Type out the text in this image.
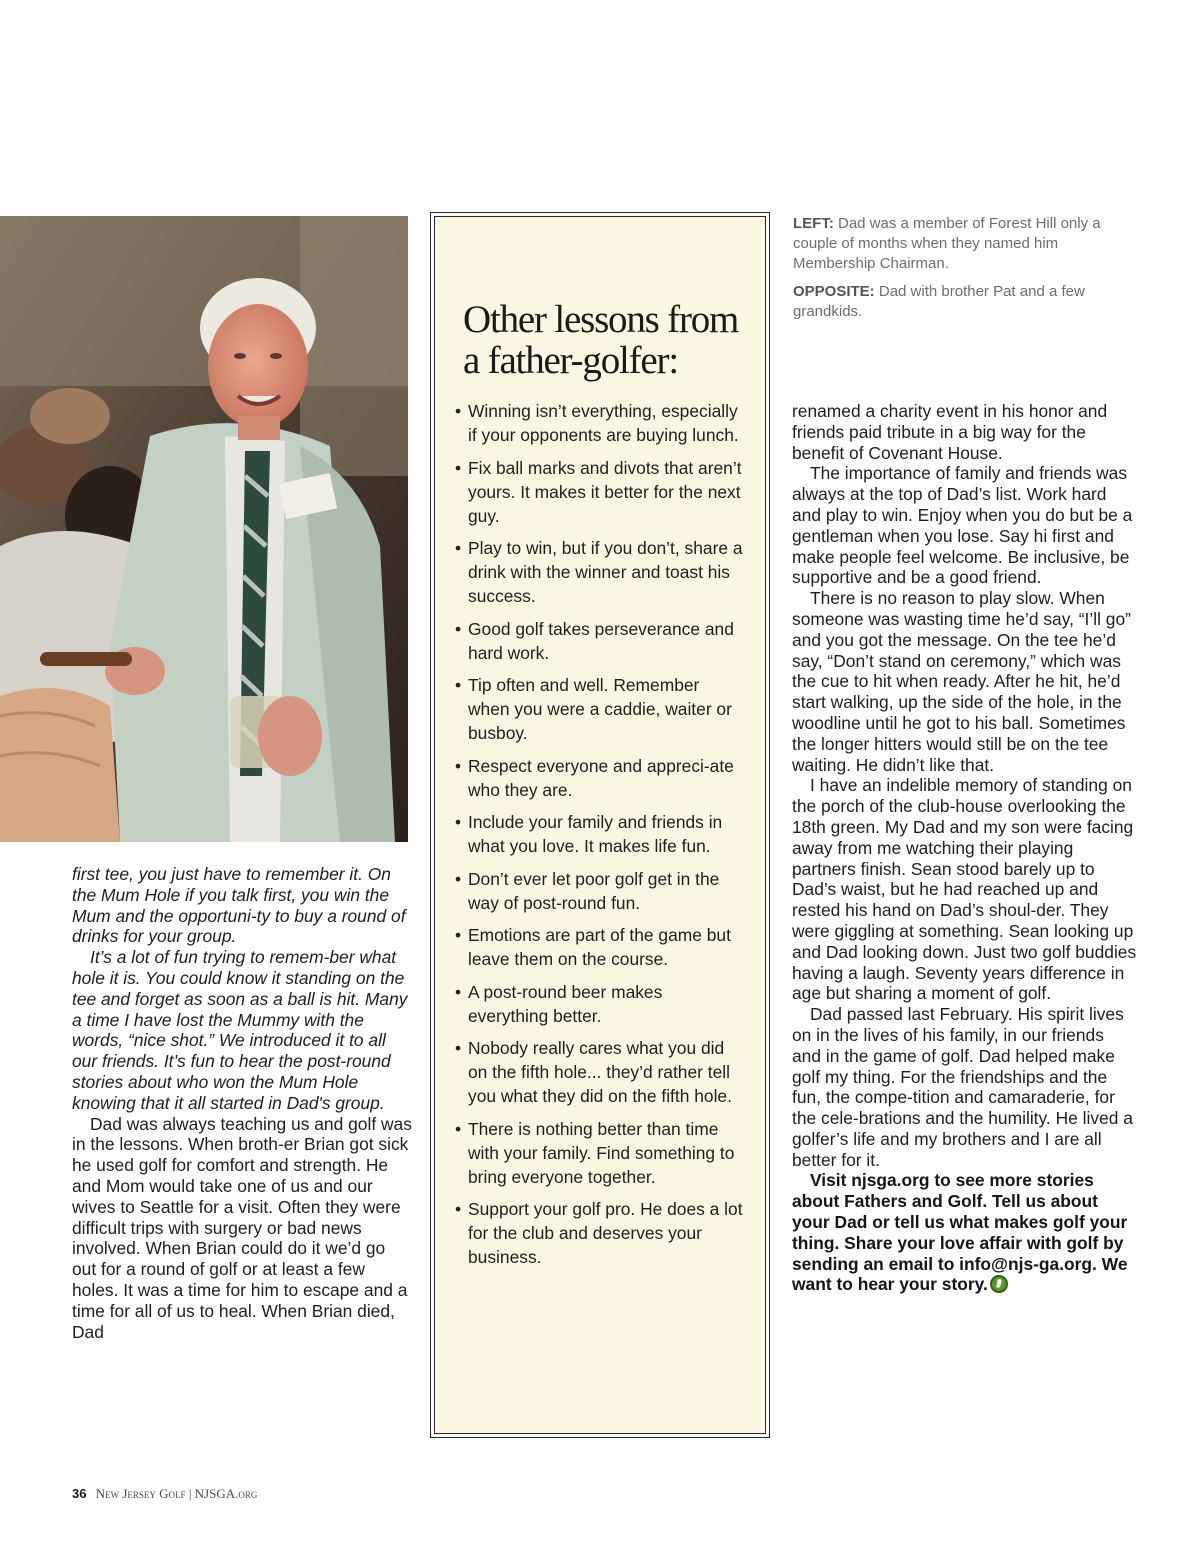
first tee, you just have to remember it. On the Mum Hole if you talk first, you win the Mum and the opportuni-ty to buy a round of drinks for your group.

It’s a lot of fun trying to remem-ber what hole it is. You could know it standing on the tee and forget as soon as a ball is hit. Many a time I have lost the Mummy with the words, “nice shot.” We introduced it to all our friends. It’s fun to hear the post-round stories about who won the Mum Hole knowing that it all started in Dad's group.

Dad was always teaching us and golf was in the lessons. When broth-er Brian got sick he used golf for comfort and strength. He and Mom would take one of us and our wives to Seattle for a visit. Often they were difficult trips with surgery or bad news involved. When Brian could do it we’d go out for a round of golf or at least a few holes. It was a time for him to escape and a time for all of us to heal. When Brian died, Dad

Other lessons from
a father-golfer:
• Winning isn’t everything, especially if your opponents are buying lunch.
• Fix ball marks and divots that aren’t yours. It makes it better for the next guy.
• Play to win, but if you don’t, share a drink with the winner and toast his success.
• Good golf takes perseverance and hard work.
• Tip often and well. Remember when you were a caddie, waiter or busboy.
• Respect everyone and appreci-ate who they are.
• Include your family and friends in what you love. It makes life fun.
• Don’t ever let poor golf get in the way of post-round fun.
• Emotions are part of the game but leave them on the course.
• A post-round beer makes everything better.
• Nobody really cares what you did on the fifth hole... they’d rather tell you what they did on the fifth hole.
• There is nothing better than time with your family. Find something to bring everyone together.
• Support your golf pro. He does a lot for the club and deserves your business.

LEFT: Dad was a member of Forest Hill only a couple of months when they named him Membership Chairman.

OPPOSITE: Dad with brother Pat and a few grandkids.

renamed a charity event in his honor and friends paid tribute in a big way for the benefit of Covenant House.

The importance of family and friends was always at the top of Dad’s list. Work hard and play to win. Enjoy when you do but be a gentleman when you lose. Say hi first and make people feel welcome. Be inclusive, be supportive and be a good friend.

There is no reason to play slow. When someone was wasting time he’d say, “I’ll go” and you got the message. On the tee he’d say, “Don’t stand on ceremony,” which was the cue to hit when ready. After he hit, he’d start walking, up the side of the hole, in the woodline until he got to his ball. Sometimes the longer hitters would still be on the tee waiting. He didn’t like that.

I have an indelible memory of standing on the porch of the club-house overlooking the 18th green. My Dad and my son were facing away from me watching their playing partners finish. Sean stood barely up to Dad’s waist, but he had reached up and rested his hand on Dad’s shoul-der. They were giggling at something. Sean looking up and Dad looking down. Just two golf buddies having a laugh. Seventy years difference in age but sharing a moment of golf.

Dad passed last February. His spirit lives on in the lives of his family, in our friends and in the game of golf. Dad helped make golf my thing. For the friendships and the fun, the compe-tition and camaraderie, for the cele-brations and the humility. He lived a golfer’s life and my brothers and I are all better for it.

Visit njsga.org to see more stories about Fathers and Golf. Tell us about your Dad or tell us what makes golf your thing. Share your love affair with golf by sending an email to info@njs-ga.org. We want to hear your story.

36 New Jersey Golf | NJSGA.org
